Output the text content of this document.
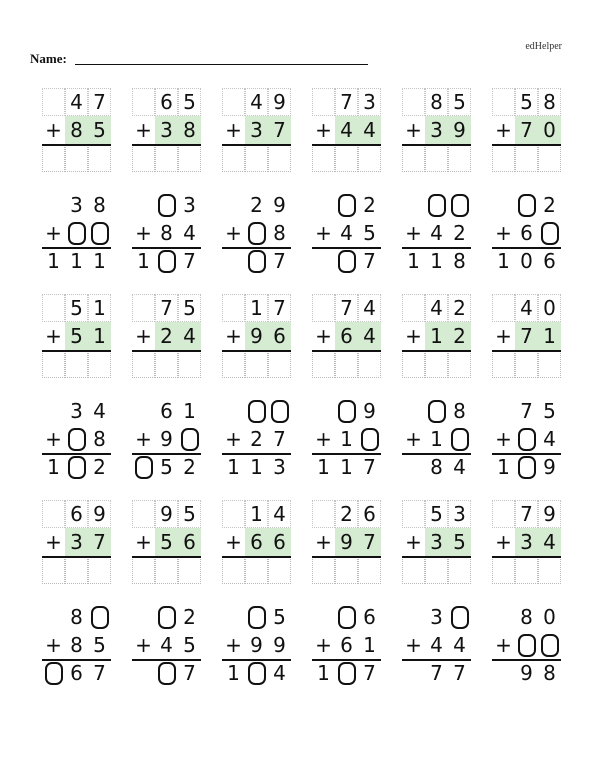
edHelper
Name:
4 7
+ 8 5
6 5
+ 3 8
4 9
+ 3 7
7 3
+ 4 4
8 5
+ 3 9
5 8
+ 7 0
3 8
+
1 1 1
3
+ 8 4
1 7
2 9
+ 8
7
2
+ 4 5
7
+ 4 2
1 1 8
2
+ 6
1 0 6
5 1
+ 5 1
7 5
+ 2 4
1 7
+ 9 6
7 4
+ 6 4
4 2
+ 1 2
4 0
+ 7 1
3 4
+ 8
1 2
6 1
+ 9
5 2
+ 2 7
1 1 3
9
+ 1
1 1 7
8
+ 1
8 4
7 5
+ 4
1 9
6 9
+ 3 7
9 5
+ 5 6
1 4
+ 6 6
2 6
+ 9 7
5 3
+ 3 5
7 9
+ 3 4
8
+ 8 5
6 7
2
+ 4 5
7
5
+ 9 9
1 4
6
+ 6 1
1 7
3
+ 4 4
7 7
8 0
+
9 8
